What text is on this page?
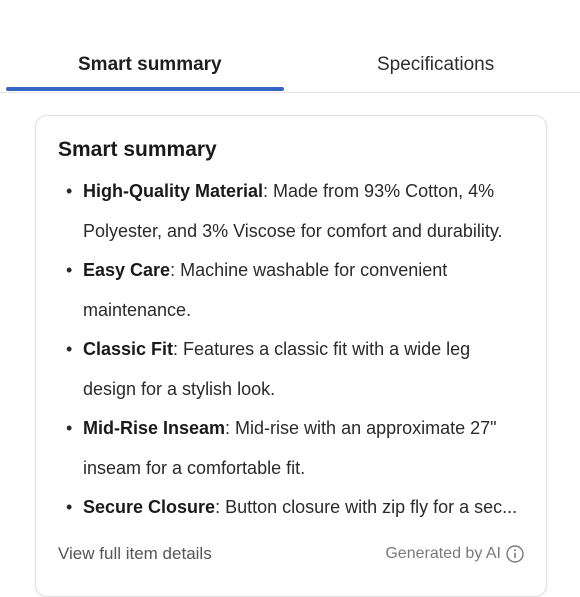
Smart summary	Specifications
Smart summary
• High-Quality Material: Made from 93% Cotton, 4% Polyester, and 3% Viscose for comfort and durability.
• Easy Care: Machine washable for convenient maintenance.
• Classic Fit: Features a classic fit with a wide leg design for a stylish look.
• Mid-Rise Inseam: Mid-rise with an approximate 27" inseam for a comfortable fit.
• Secure Closure: Button closure with zip fly for a sec...
View full item details	Generated by AI
